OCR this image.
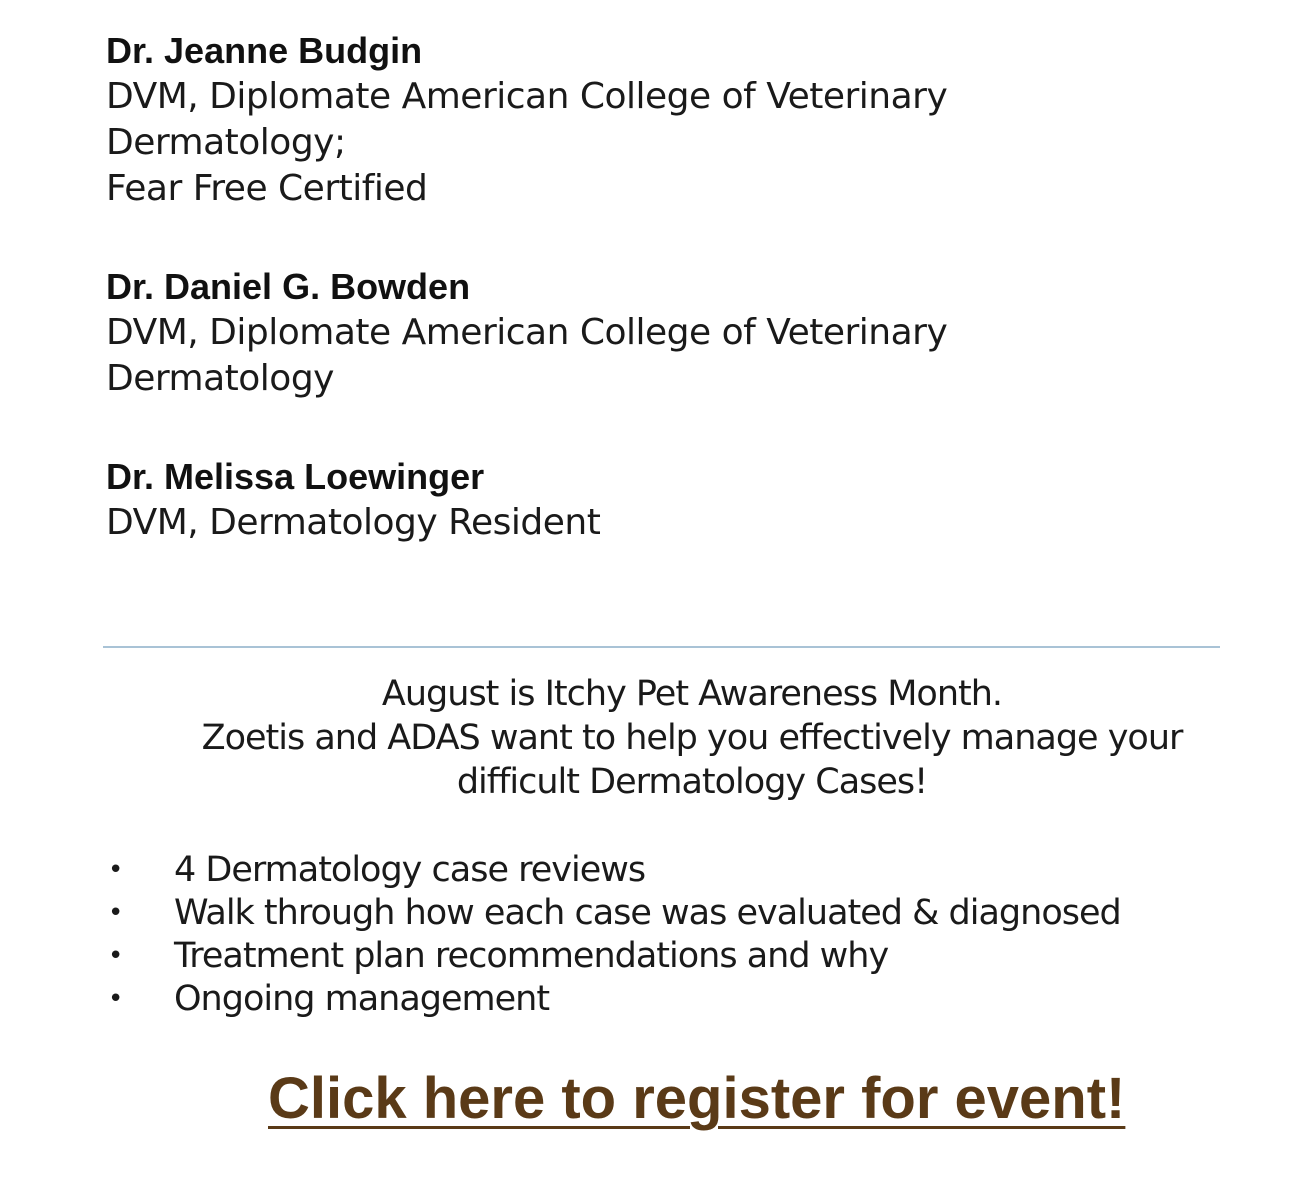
Dr. Jeanne Budgin
DVM, Diplomate American College of Veterinary
Dermatology;
Fear Free Certified
Dr. Daniel G. Bowden
DVM, Diplomate American College of Veterinary
Dermatology
Dr. Melissa Loewinger
DVM, Dermatology Resident
August is Itchy Pet Awareness Month.
Zoetis and ADAS want to help you effectively manage your
difficult Dermatology Cases!
•	4 Dermatology case reviews
•	Walk through how each case was evaluated & diagnosed
•	Treatment plan recommendations and why
•	Ongoing management
Click here to register for event!
